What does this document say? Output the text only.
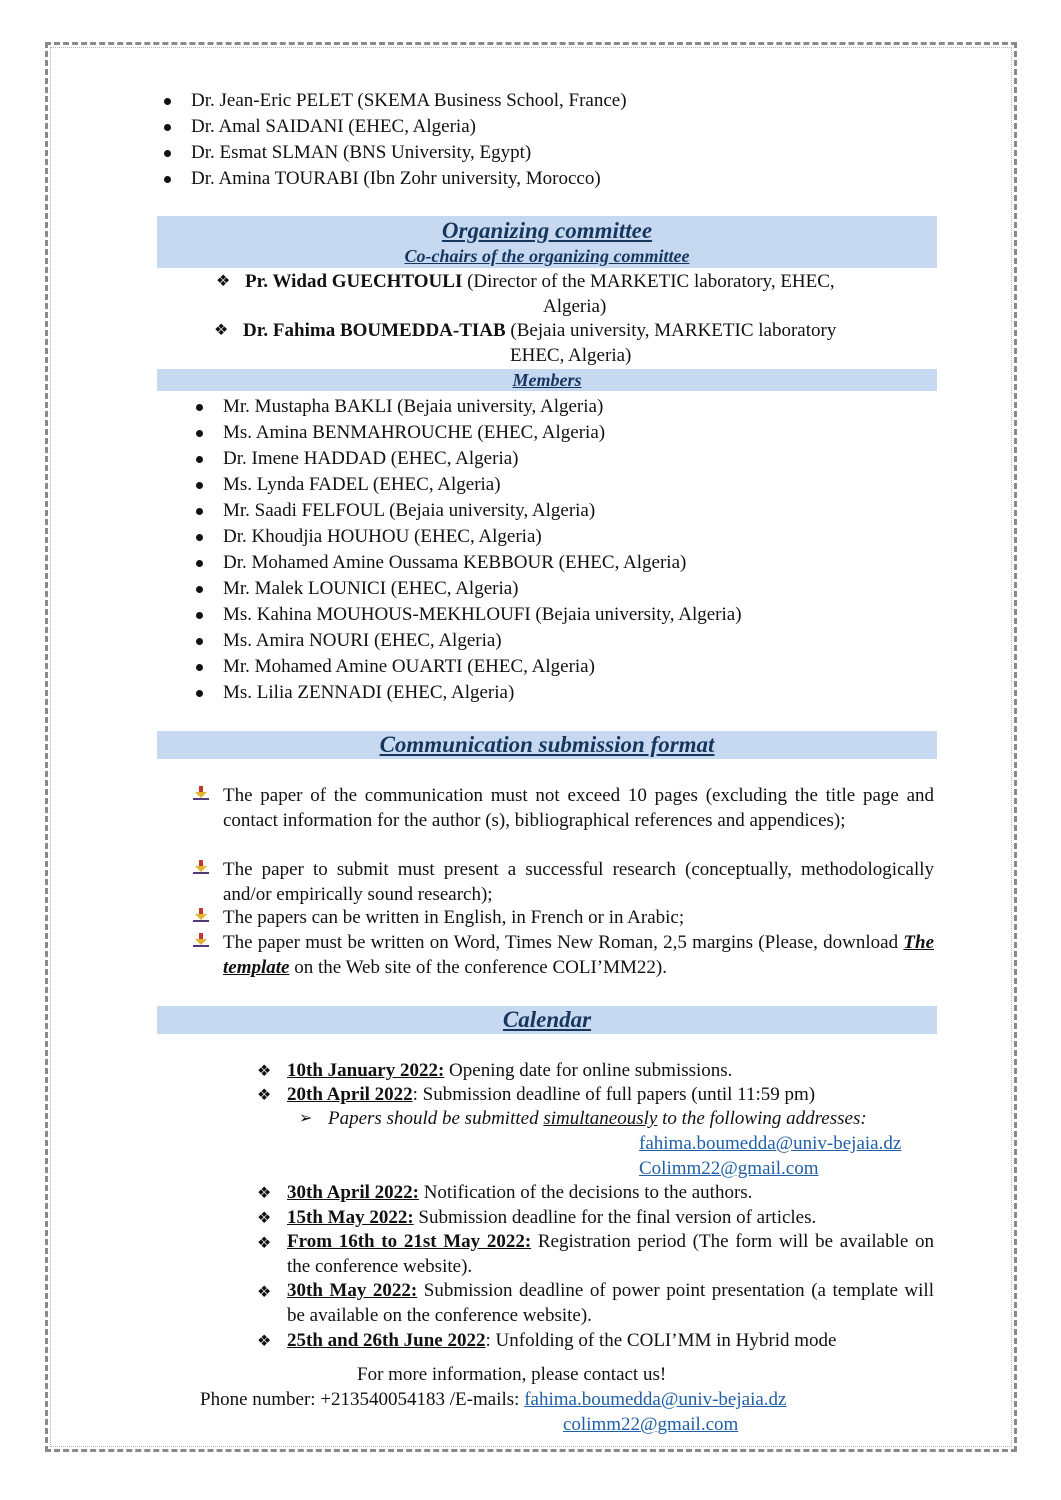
Dr. Jean-Eric PELET (SKEMA Business School, France)
Dr. Amal SAIDANI (EHEC, Algeria)
Dr. Esmat SLMAN (BNS University, Egypt)
Dr. Amina TOURABI (Ibn Zohr university, Morocco)
Organizing committee
Co-chairs of the organizing committee
❖ Pr. Widad GUECHTOULI (Director of the MARKETIC laboratory, EHEC,
Algeria)
❖ Dr. Fahima BOUMEDDA-TIAB (Bejaia university, MARKETIC laboratory
EHEC, Algeria)
Members
Mr. Mustapha BAKLI (Bejaia university, Algeria)
Ms. Amina BENMAHROUCHE (EHEC, Algeria)
Dr. Imene HADDAD (EHEC, Algeria)
Ms. Lynda FADEL (EHEC, Algeria)
Mr. Saadi FELFOUL (Bejaia university, Algeria)
Dr. Khoudjia HOUHOU (EHEC, Algeria)
Dr. Mohamed Amine Oussama KEBBOUR (EHEC, Algeria)
Mr. Malek LOUNICI (EHEC, Algeria)
Ms. Kahina MOUHOUS-MEKHLOUFI (Bejaia university, Algeria)
Ms. Amira NOURI (EHEC, Algeria)
Mr. Mohamed Amine OUARTI (EHEC, Algeria)
Ms. Lilia ZENNADI (EHEC, Algeria)
Communication submission format
The paper of the communication must not exceed 10 pages (excluding the title page and contact information for the author (s), bibliographical references and appendices);
The paper to submit must present a successful research (conceptually, methodologically and/or empirically sound research);
The papers can be written in English, in French or in Arabic;
The paper must be written on Word, Times New Roman, 2,5 margins (Please, download The template on the Web site of the conference COLI’MM22).
Calendar
❖ 10th January 2022: Opening date for online submissions.
❖ 20th April 2022: Submission deadline of full papers (until 11:59 pm)
➢ Papers should be submitted simultaneously to the following addresses:
fahima.boumedda@univ-bejaia.dz
Colimm22@gmail.com
❖ 30th April 2022: Notification of the decisions to the authors.
❖ 15th May 2022: Submission deadline for the final version of articles.
❖ From 16th to 21st May 2022: Registration period (The form will be available on the conference website).
❖ 30th May 2022: Submission deadline of power point presentation (a template will be available on the conference website).
❖ 25th and 26th June 2022: Unfolding of the COLI’MM in Hybrid mode
For more information, please contact us!
Phone number: +213540054183 /E-mails: fahima.boumedda@univ-bejaia.dz
colimm22@gmail.com
